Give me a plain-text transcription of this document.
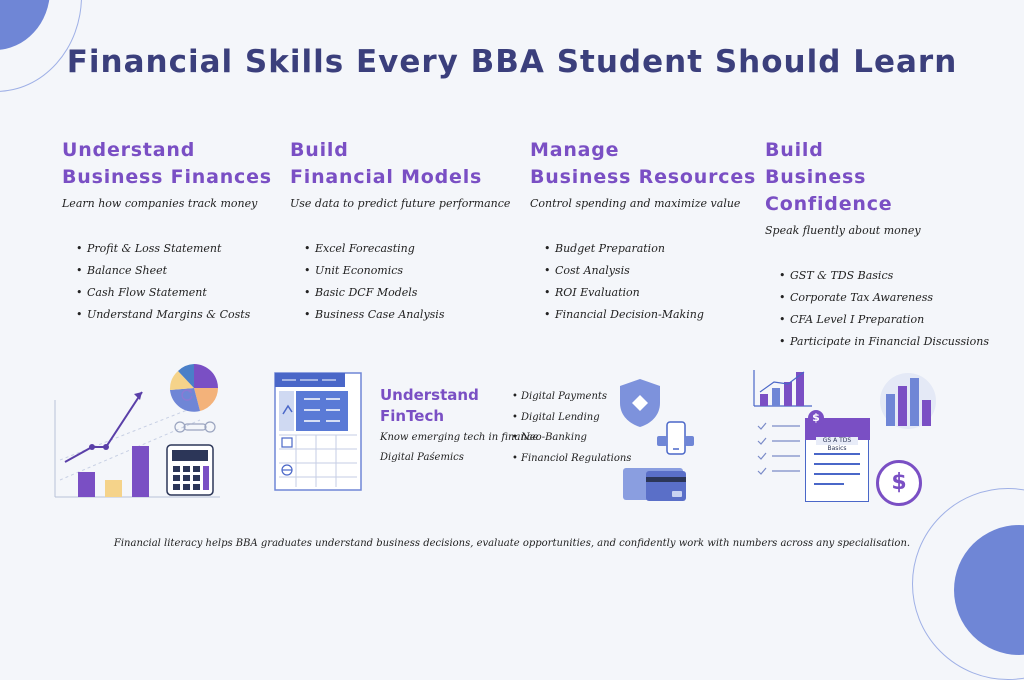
Financial Skills Every BBA Student Should Learn
Understand
Business Finances
Learn how companies track money
• Profit & Loss Statement
• Balance Sheet
• Cash Flow Statement
• Understand Margins & Costs
Build
Financial Models
Use data to predict future performance
• Excel Forecasting
• Unit Economics
• Basic DCF Models
• Business Case Analysis
Manage
Business Resources
Control spending and maximize value
• Budget Preparation
• Cost Analysis
• ROI Evaluation
• Financial Decision-Making
Build
Business Confidence
Speak fluently about money
• GST & TDS Basics
• Corporate Tax Awareness
• CFA Level I Preparation
• Participate in Financial Discussions
Understand
FinTech
Know emerging tech in finance
Digital Paśemics
• Digital Payments
• Digital Lending
• Neo-Banking
• Financiol Regulations
GS A TDS Basics
$
$
Financial literacy helps BBA graduates understand business decisions, evaluate opportunities, and confidently work with numbers across any specialisation.
